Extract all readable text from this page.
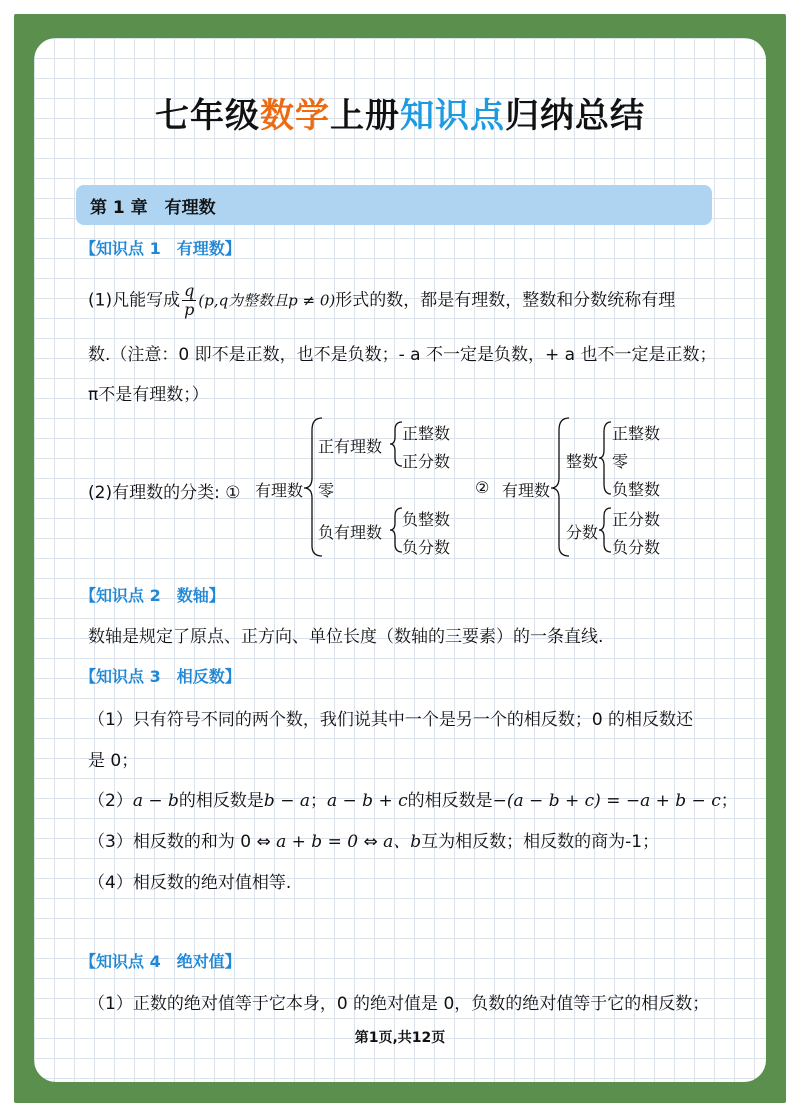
七年级数学上册知识点归纳总结
第 1 章　有理数
【知识点 1　有理数】
(1)凡能写成 $\frac{q}{p} (p,q$为整数且p ≠ 0)形式的数，都是有理数，整数和分数统称有理
数.（注意：0 即不是正数，也不是负数；- a 不一定是负数，+ a 也不一定是正数；
π不是有理数；）
(2)有理数的分类: ① 有理数
正有理数
正整数
正分数
零
负有理数
负整数
负分数
② 有理数
整数
正整数
零
负整数
分数
正分数
负分数
【知识点 2　数轴】
数轴是规定了原点、正方向、单位长度（数轴的三要素）的一条直线.
【知识点 3　相反数】
（1）只有符号不同的两个数，我们说其中一个是另一个的相反数；0 的相反数还
是 0；
（2）a − b的相反数是b − a；a − b + c的相反数是−(a − b + c) = −a + b − c；
（3）相反数的和为 0 ⇔ a + b = 0 ⇔ a、b互为相反数；相反数的商为-1；
（4）相反数的绝对值相等.
【知识点 4　绝对值】
（1）正数的绝对值等于它本身，0 的绝对值是 0，负数的绝对值等于它的相反数；
第1页,共12页
